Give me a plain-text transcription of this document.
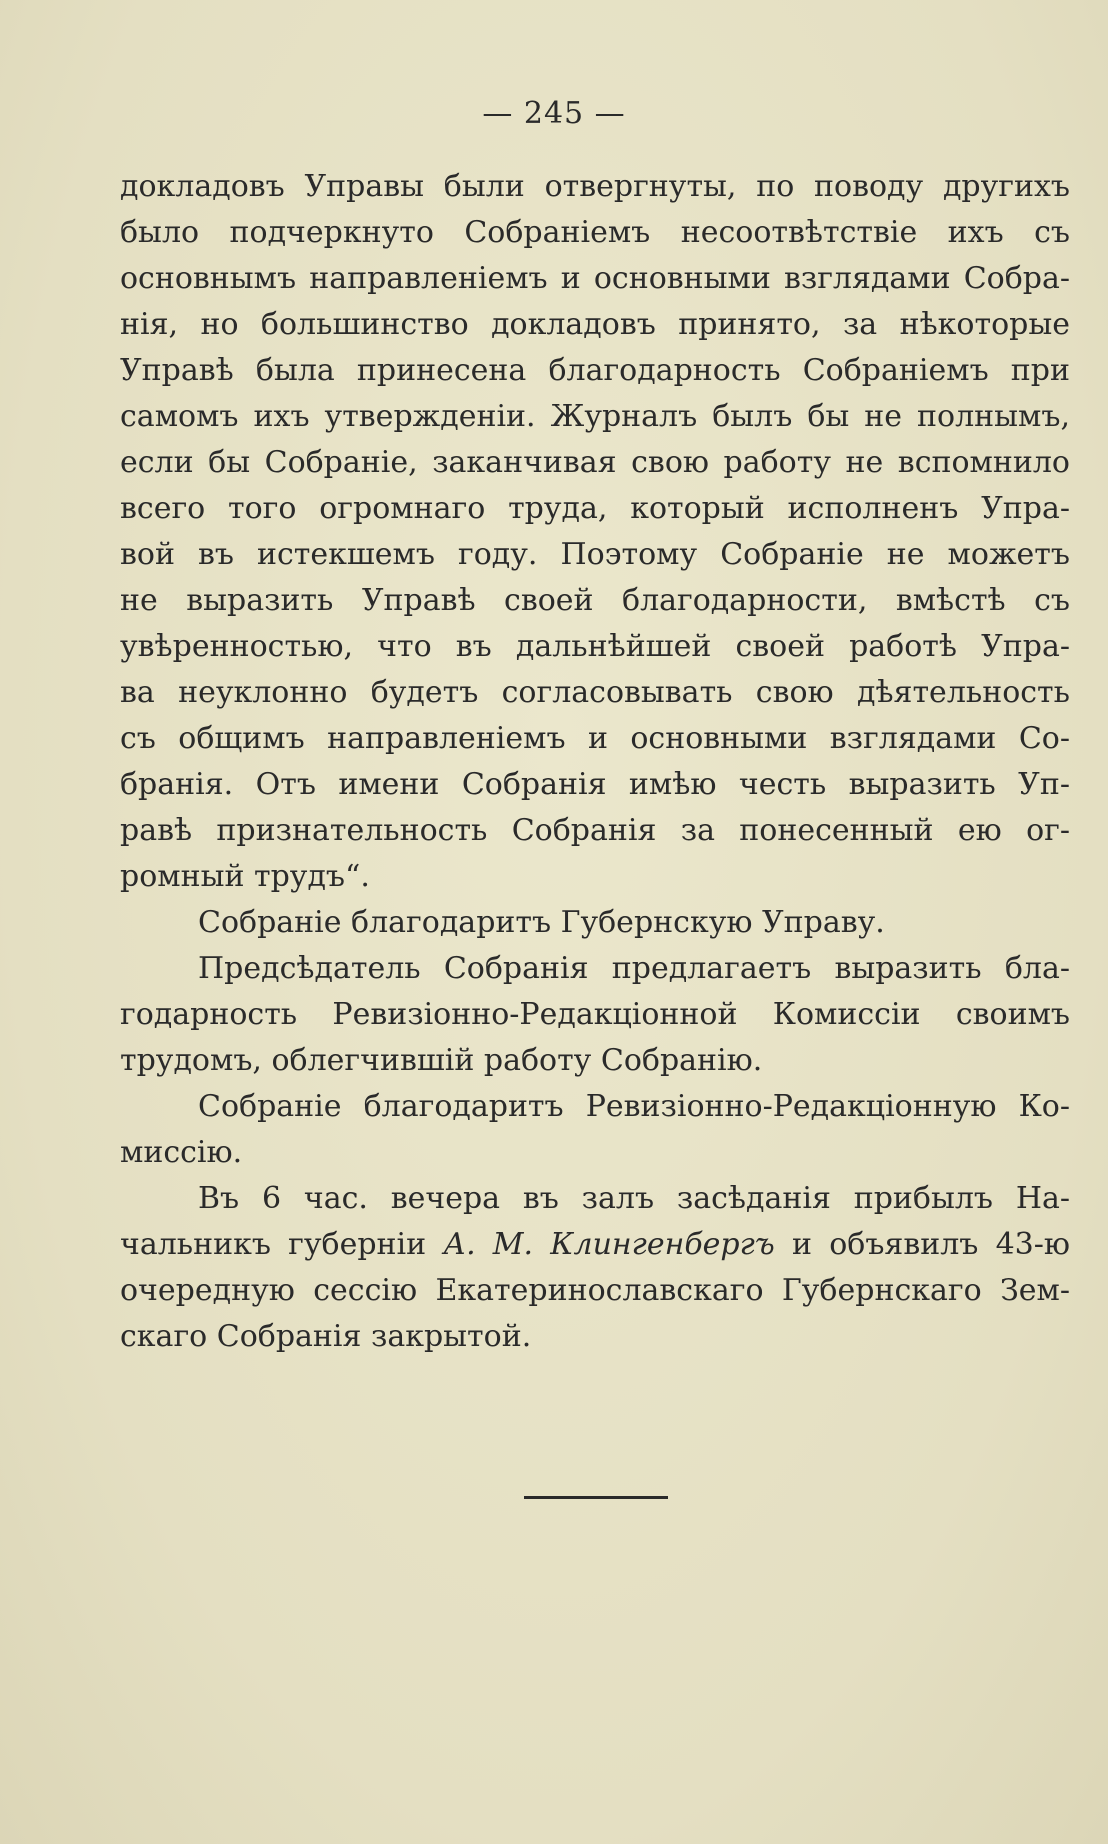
— 245 —
докладовъ Управы были отвергнуты, по поводу другихъ
было подчеркнуто Собраніемъ несоотвѣтствіе ихъ съ
основнымъ направленіемъ и основными взглядами Собра-
нія, но большинство докладовъ принято, за нѣкоторые
Управѣ была принесена благодарность Собраніемъ при
самомъ ихъ утвержденіи. Журналъ былъ бы не полнымъ,
если бы Собраніе, заканчивая свою работу не вспомнило
всего того огромнаго труда, который исполненъ Упра-
вой въ истекшемъ году. Поэтому Собраніе не можетъ
не выразить Управѣ своей благодарности, вмѣстѣ съ
увѣренностью, что въ дальнѣйшей своей работѣ Упра-
ва неуклонно будетъ согласовывать свою дѣятельность
съ общимъ направленіемъ и основными взглядами Со-
бранія. Отъ имени Собранія имѣю честь выразить Уп-
равѣ признательность Собранія за понесенный ею ог-
ромный трудъ“.
Собраніе благодаритъ Губернскую Управу.
Предсѣдатель Собранія предлагаетъ выразить бла-
годарность Ревизіонно-Редакціонной Комиссіи своимъ
трудомъ, облегчившій работу Собранію.
Собраніе благодаритъ Ревизіонно-Редакціонную Ко-
миссію.
Въ 6 час. вечера въ залъ засѣданія прибылъ На-
чальникъ губерніи А. М. Клингенбергъ и объявилъ 43-ю
очередную сессію Екатеринославскаго Губернскаго Зем-
скаго Собранія закрытой.
